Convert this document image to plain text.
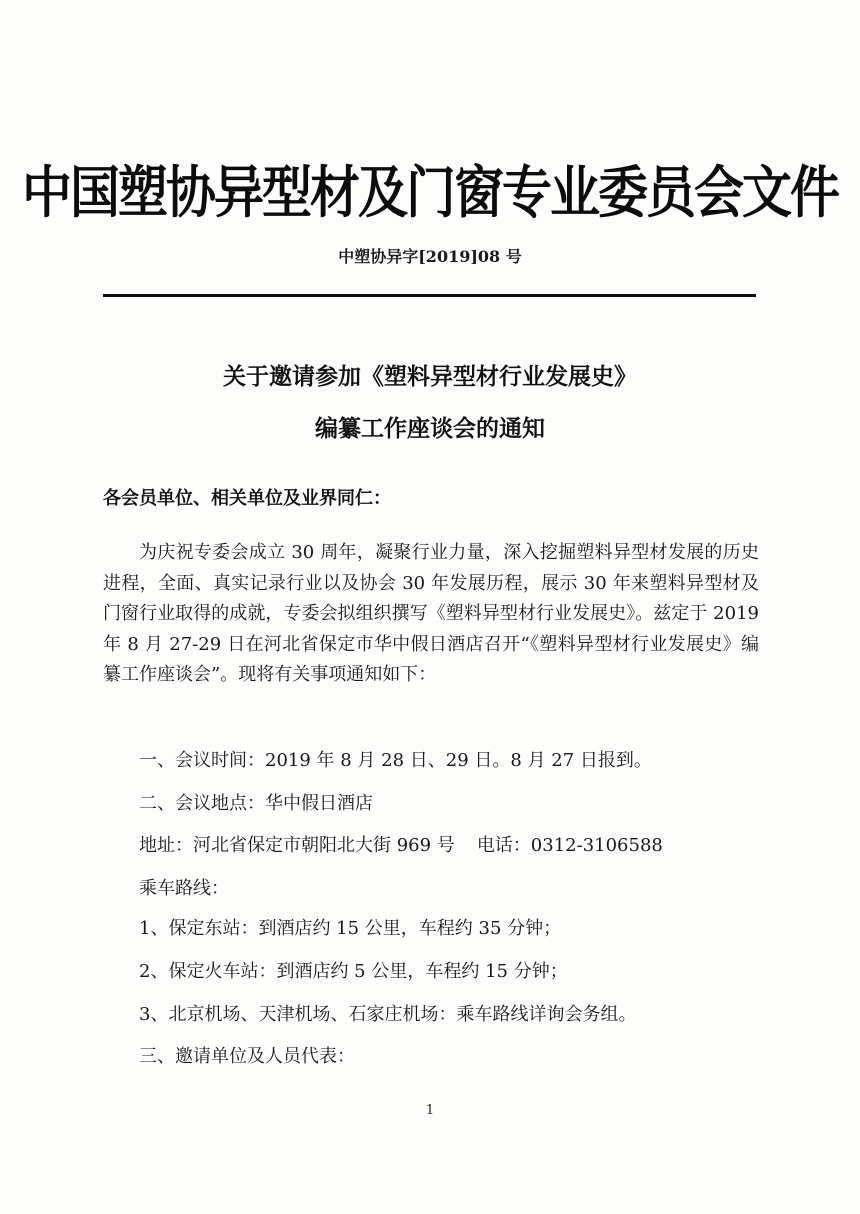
中国塑协异型材及门窗专业委员会文件
中塑协异字[2019]08 号
关于邀请参加《塑料异型材行业发展史》
编纂工作座谈会的通知
各会员单位、相关单位及业界同仁：
为庆祝专委会成立 30 周年，凝聚行业力量，深入挖掘塑料异型材发展的历史进程，全面、真实记录行业以及协会 30 年发展历程，展示 30 年来塑料异型材及门窗行业取得的成就，专委会拟组织撰写《塑料异型材行业发展史》。兹定于 2019 年 8 月 27-29 日在河北省保定市华中假日酒店召开“《塑料异型材行业发展史》编纂工作座谈会”。现将有关事项通知如下：
一、会议时间：2019 年 8 月 28 日、29 日。8 月 27 日报到。
二、会议地点：华中假日酒店
地址：河北省保定市朝阳北大街 969 号 电话：0312-3106588
乘车路线：
1、保定东站：到酒店约 15 公里，车程约 35 分钟；
2、保定火车站：到酒店约 5 公里，车程约 15 分钟；
3、北京机场、天津机场、石家庄机场：乘车路线详询会务组。
三、邀请单位及人员代表：
1
